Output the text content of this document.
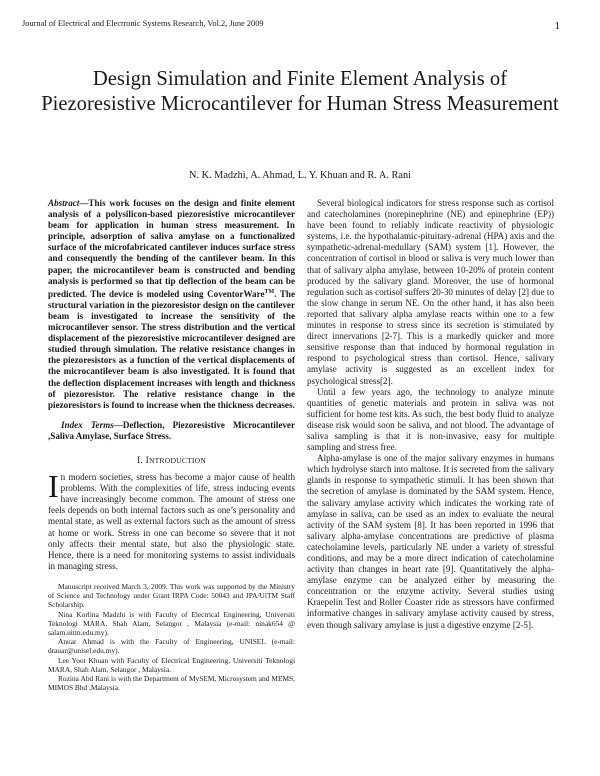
Journal of Electrical and Electronic Systems Research, Vol.2, June 2009	1
Design Simulation and Finite Element Analysis of Piezoresistive Microcantilever for Human Stress Measurement
N. K. Madzhi, A. Ahmad, L. Y. Khuan and R. A. Rani

Abstract—This work focuses on the design and finite element analysis of a polysilicon-based piezoresistive microcantilever beam for application in human stress measurement. In principle, adsorption of saliva amylase on a functionalized surface of the microfabricated cantilever induces surface stress and consequently the bending of the cantilever beam. In this paper, the microcantilever beam is constructed and bending analysis is performed so that tip deflection of the beam can be predicted. The device is modeled using CoventorWare™. The structural variation in the piezoresistor design on the cantilever beam is investigated to increase the sensitivity of the microcantilever sensor. The stress distribution and the vertical displacement of the piezoresistive microcantilever designed are studied through simulation. The relative resistance changes in the piezoresistors as a function of the vertical displacements of the microcantilever beam is also investigated. It is found that the deflection displacement increases with length and thickness of piezoresistor. The relative resistance change in the piezoresistors is found to increase when the thickness decreases.

Index Terms—Deflection, Piezoresistive Microcantilever ,Saliva Amylase, Surface Stress.

I. INTRODUCTION

In modern societies, stress has become a major cause of health problems. With the complexities of life, stress inducing events have increasingly become common. The amount of stress one feels depends on both internal factors such as one’s personality and mental state, as well as external factors such as the amount of stress at home or work. Stress in one can become so severe that it not only affects their mental state, but also the physiologic state. Hence, there is a need for monitoring systems to assist individuals in managing stress.

Manuscript received March 3, 2009. This work was supported by the Ministry of Science and Technology under Grant IRPA Code: 50043 and JPA/UiTM Staff Scholarship.

Nina Korlina Madzhi is with Faculty of Electrical Engineering, Universiti Teknologi MARA, Shah Alam, Selangor , Malaysia (e-mail: ninak654 @ salam.uitm.edu.my).

Anuar Ahmad is with the Faculty of Engineering, UNISEL (e-mail: drauar@unisel.edu.my).

Lee Yoot Khuan with Faculty of Electrical Engineering, Universiti Teknologi MARA, Shah Alam, Selangor , Malaysia.

Rozina Abd Rani is with the Department of MySEM, Microsystem and MEMS, MIMOS Bhd ,Malaysia.

Several biological indicators for stress response such as cortisol and catecholamines (norepinephrine (NE) and epinephrine (EP)) have been found to reliably indicate reactivity of physiologic systems, i.e. the hypothalamic-pituitary-adrenal (HPA) axis and the sympathetic-adrenal-medullary (SAM) system [1]. However, the concentration of cortisol in blood or saliva is very much lower than that of salivary alpha amylase, between 10-20% of protein content produced by the salivary gland. Moreover, the use of hormonal regulation such as cortisol suffers 20-30 minutes of delay [2] due to the slow change in serum NE. On the other hand, it has also been reported that salivary alpha amylase reacts within one to a few minutes in response to stress since its secretion is stimulated by direct innervations [2-7]. This is a markedly quicker and more sensitive response than that induced by hormonal regulation in respond to psychological stress than cortisol. Hence, salivary amylase activity is suggested as an excellent index for psychological stress[2].

Until a few years ago, the technology to analyze minute quantities of genetic materials and protein in saliva was not sufficient for home test kits. As such, the best body fluid to analyze disease risk would soon be saliva, and not blood. The advantage of saliva sampling is that it is non-invasive, easy for multiple sampling and stress free.

Alpha-amylase is one of the major salivary enzymes in humans which hydrolyse starch into maltose. It is secreted from the salivary glands in response to sympathetic stimuli. It has been shown that the secretion of amylase is dominated by the SAM system. Hence, the salivary amylase activity which indicates the working rate of amylase in saliva, can be used as an index to evaluate the neural activity of the SAM system [8]. It has been reported in 1996 that salivary alpha-amylase concentrations are predictive of plasma catecholamine levels, particularly NE under a variety of stressful conditions, and may be a more direct indication of catecholamine activity than changes in heart rate [9]. Quantitatively the alpha-amylase enzyme can be analyzed either by measuring the concentration or the enzyme activity. Several studies using Kraepelin Test and Roller Coaster ride as stressors have confirmed informative changes in salivary amylase activity caused by stress, even though salivary amylase is just a digestive enzyme [2-5].
